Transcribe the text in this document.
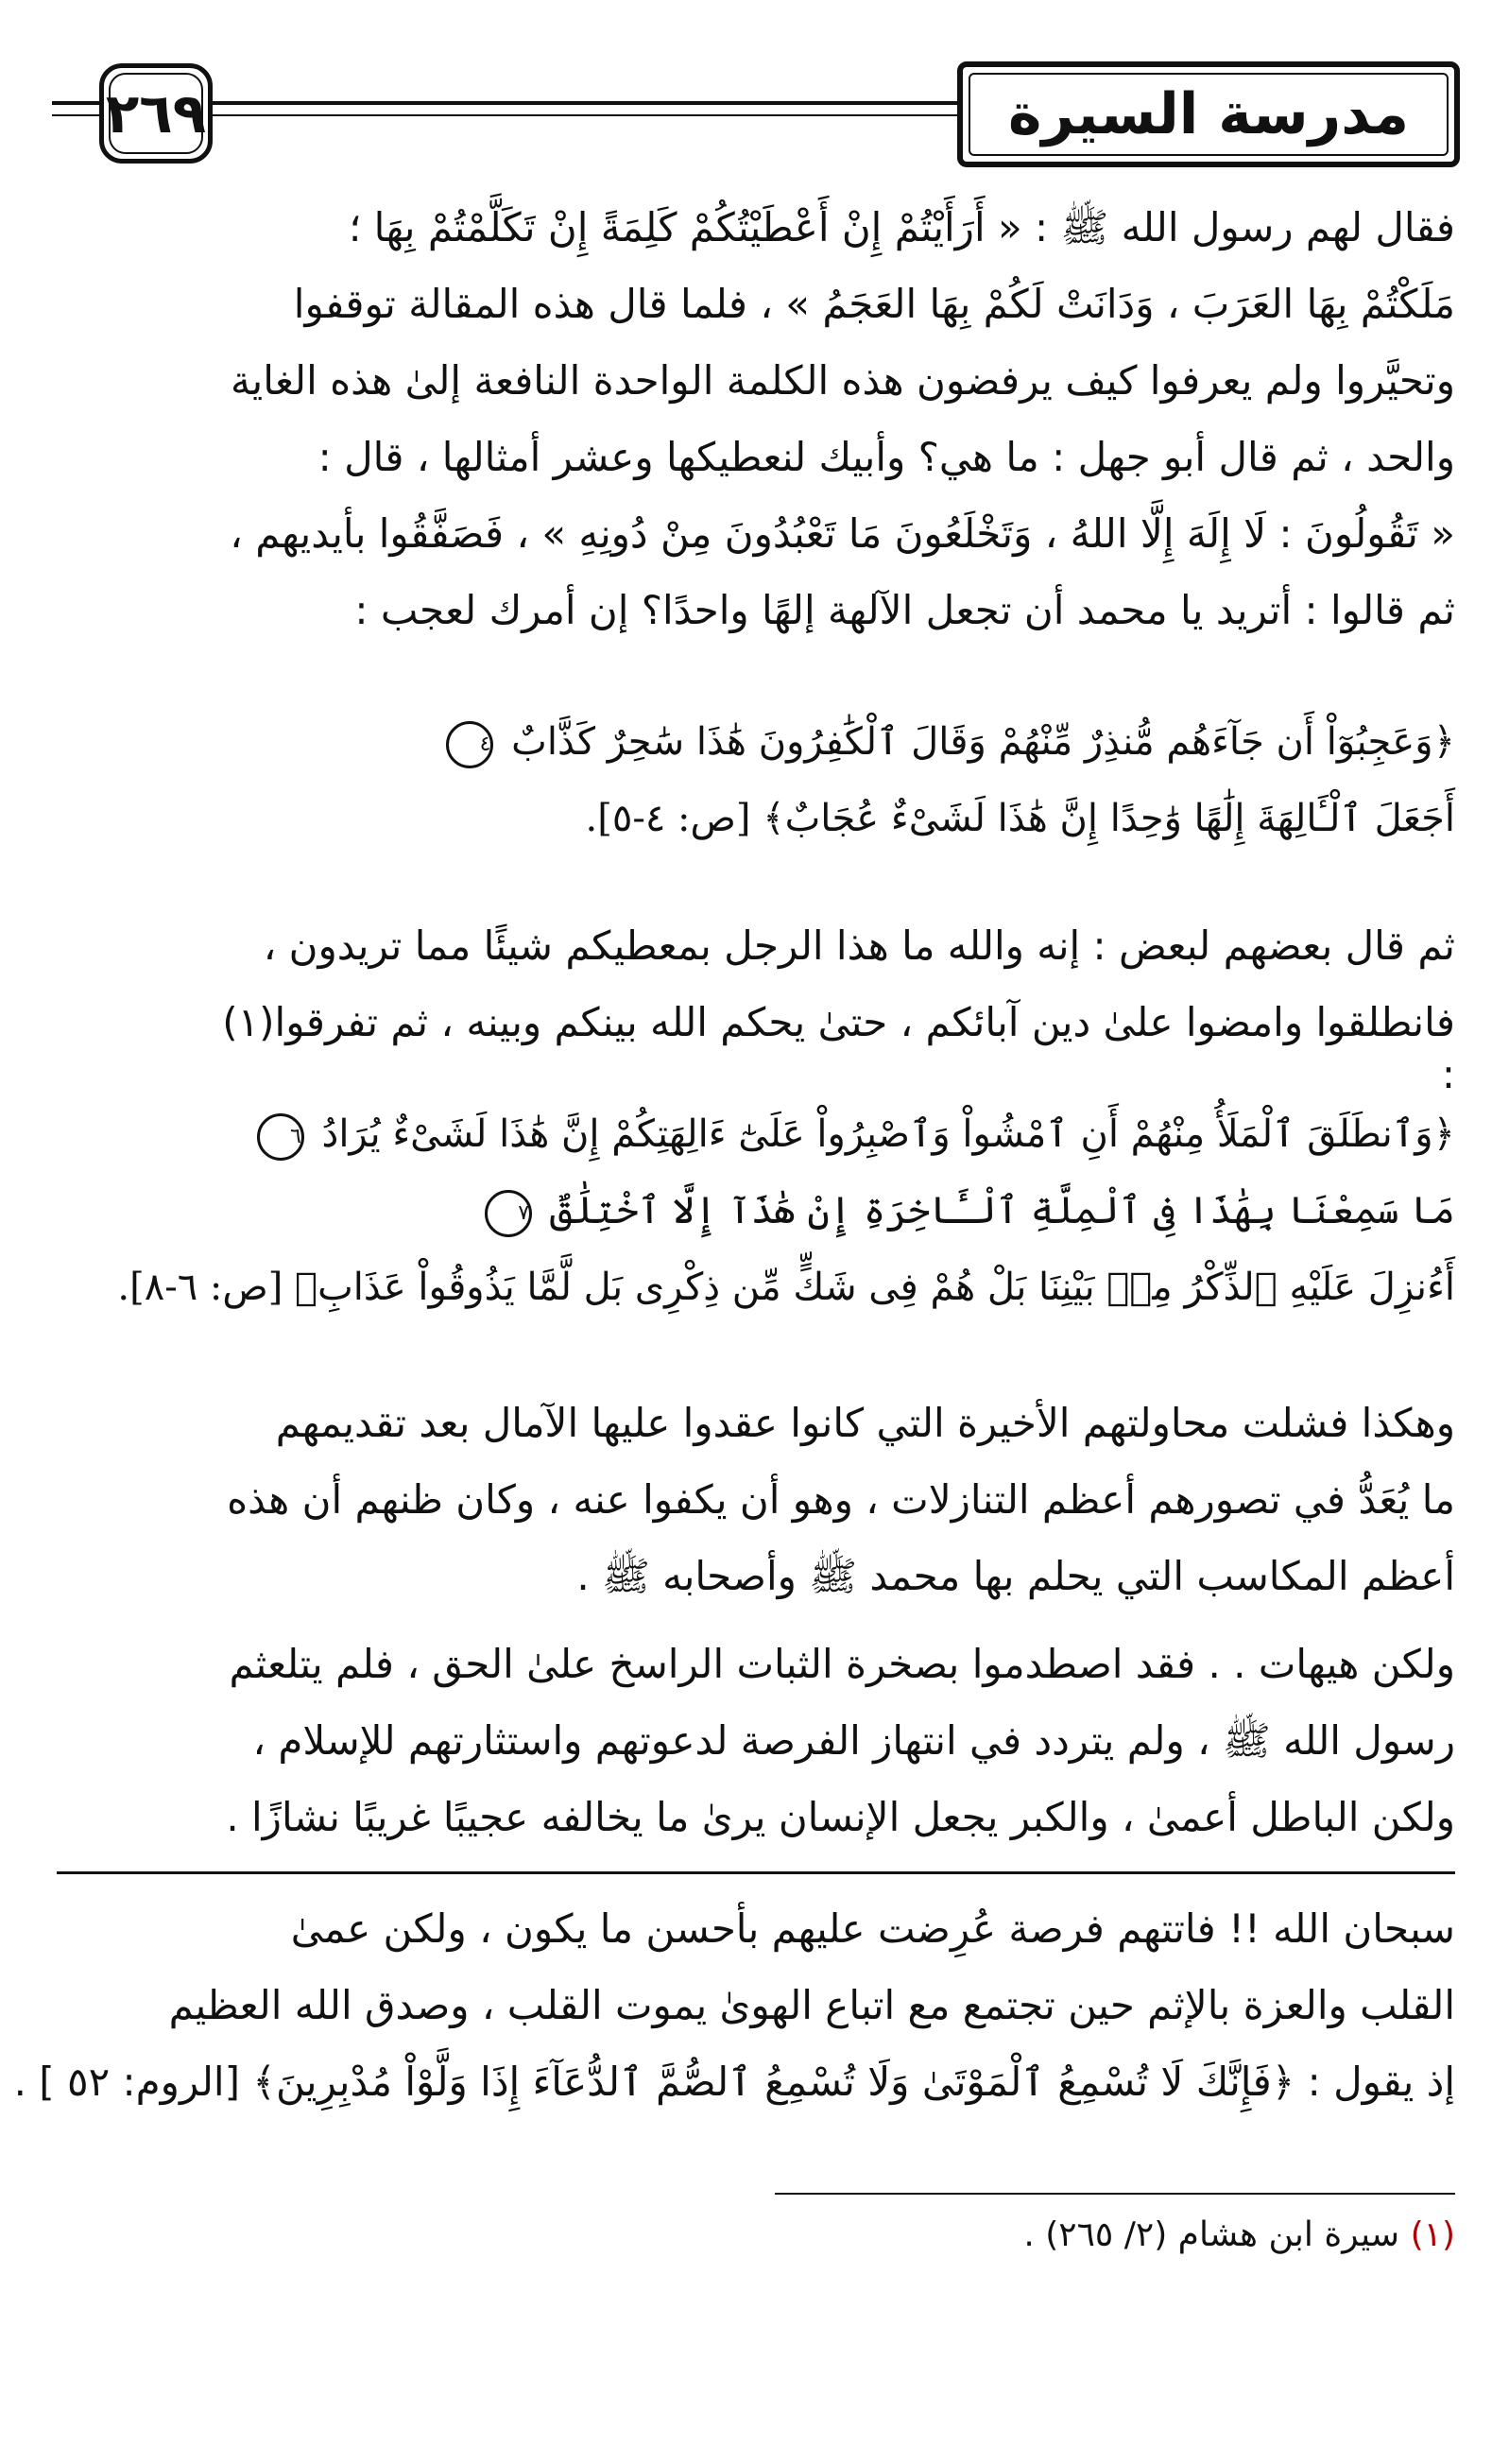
٢٦٩	مدرسة السيرة
فقال لهم رسول الله ﷺ : « أَرَأَيْتُمْ إِنْ أَعْطَيْتُكُمْ كَلِمَةً إِنْ تَكَلَّمْتُمْ بِهَا ؛
مَلَكْتُمْ بِهَا العَرَبَ ، وَدَانَتْ لَكُمْ بِهَا العَجَمُ » ، فلما قال هذه المقالة توقفوا
وتحيَّروا ولم يعرفوا كيف يرفضون هذه الكلمة الواحدة النافعة إلىٰ هذه الغاية
والحد ، ثم قال أبو جهل : ما هي؟ وأبيك لنعطيكها وعشر أمثالها ، قال :
« تَقُولُونَ : لَا إِلَهَ إِلَّا اللهُ ، وَتَخْلَعُونَ مَا تَعْبُدُونَ مِنْ دُونِهِ » ، فَصَفَّقُوا بأيديهم ،
ثم قالوا : أتريد يا محمد أن تجعل الآلهة إلهًا واحدًا؟ إن أمرك لعجب :
﴿وَعَجِبُوٓاْ أَن جَآءَهُم مُّنذِرٌ مِّنْهُمْ وَقَالَ ٱلْكَٰفِرُونَ هَٰذَا سَٰحِرٌ كَذَّابٌ ٤
أَجَعَلَ ٱلْـَٔالِهَةَ إِلَٰهًا وَٰحِدًا إِنَّ هَٰذَا لَشَىْءٌ عُجَابٌ﴾ [ص: ٤-٥].
ثم قال بعضهم لبعض : إنه والله ما هذا الرجل بمعطيكم شيئًا مما تريدون ،
فانطلقوا وامضوا علىٰ دين آبائكم ، حتىٰ يحكم الله بينكم وبينه ، ثم تفرقوا(١)
:
﴿وَٱنطَلَقَ ٱلْمَلَأُ مِنْهُمْ أَنِ ٱمْشُواْ وَٱصْبِرُواْ عَلَىٰٓ ءَالِهَتِكُمْ إِنَّ هَٰذَا لَشَىْءٌ يُرَادُ ٦
مَا سَمِعْنَا بِهَٰذَا فِى ٱلْمِلَّةِ ٱلْـَٔاخِرَةِ إِنْ هَٰذَآ إِلَّا ٱخْتِلَٰقٌ ٧
أَءُنزِلَ عَلَيْهِ ٱلذِّكْرُ مِنۢ بَيْنِنَا بَلْ هُمْ فِى شَكٍّ مِّن ذِكْرِى بَل لَّمَّا يَذُوقُواْ عَذَابِ﴾ [ص: ٦-٨].
وهكذا فشلت محاولتهم الأخيرة التي كانوا عقدوا عليها الآمال بعد تقديمهم
ما يُعَدُّ في تصورهم أعظم التنازلات ، وهو أن يكفوا عنه ، وكان ظنهم أن هذه
أعظم المكاسب التي يحلم بها محمد ﷺ وأصحابه ﷺ .
ولكن هيهات . . فقد اصطدموا بصخرة الثبات الراسخ علىٰ الحق ، فلم يتلعثم
رسول الله ﷺ ، ولم يتردد في انتهاز الفرصة لدعوتهم واستثارتهم للإسلام ،
ولكن الباطل أعمىٰ ، والكبر يجعل الإنسان يرىٰ ما يخالفه عجيبًا غريبًا نشازًا .
سبحان الله !! فاتتهم فرصة عُرِضت عليهم بأحسن ما يكون ، ولكن عمىٰ
القلب والعزة بالإثم حين تجتمع مع اتباع الهوىٰ يموت القلب ، وصدق الله العظيم
إذ يقول : ﴿فَإِنَّكَ لَا تُسْمِعُ ٱلْمَوْتَىٰ وَلَا تُسْمِعُ ٱلصُّمَّ ٱلدُّعَآءَ إِذَا وَلَّوْاْ مُدْبِرِينَ﴾ [الروم: ٥٢ ] .
(١) سيرة ابن هشام (٢/ ٢٦٥) .
